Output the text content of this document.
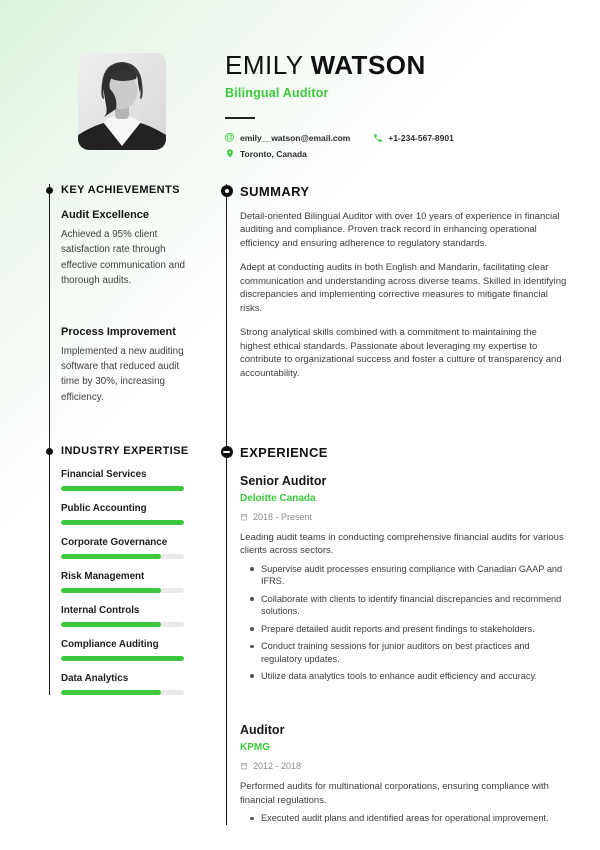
EMILY WATSON
Bilingual Auditor
@ emily__watson@email.com	+1-234-567-8901
Toronto, Canada
KEY ACHIEVEMENTS
Audit Excellence
Achieved a 95% client satisfaction rate through effective communication and thorough audits.
Process Improvement
Implemented a new auditing software that reduced audit time by 30%, increasing efficiency.
INDUSTRY EXPERTISE
Financial Services
Public Accounting
Corporate Governance
Risk Management
Internal Controls
Compliance Auditing
Data Analytics
SUMMARY

Detail-oriented Bilingual Auditor with over 10 years of experience in financial auditing and compliance. Proven track record in enhancing operational efficiency and ensuring adherence to regulatory standards.

Adept at conducting audits in both English and Mandarin, facilitating clear communication and understanding across diverse teams. Skilled in identifying discrepancies and implementing corrective measures to mitigate financial risks.

Strong analytical skills combined with a commitment to maintaining the highest ethical standards. Passionate about leveraging my expertise to contribute to organizational success and foster a culture of transparency and accountability.

EXPERIENCE
Senior Auditor
Deloitte Canada
2018 - Present

Leading audit teams in conducting comprehensive financial audits for various clients across sectors.

Supervise audit processes ensuring compliance with Canadian GAAP and IFRS.
Collaborate with clients to identify financial discrepancies and recommend solutions.
Prepare detailed audit reports and present findings to stakeholders.
Conduct training sessions for junior auditors on best practices and regulatory updates.
Utilize data analytics tools to enhance audit efficiency and accuracy.
Auditor
KPMG
2012 - 2018

Performed audits for multinational corporations, ensuring compliance with financial regulations.

Executed audit plans and identified areas for operational improvement.
